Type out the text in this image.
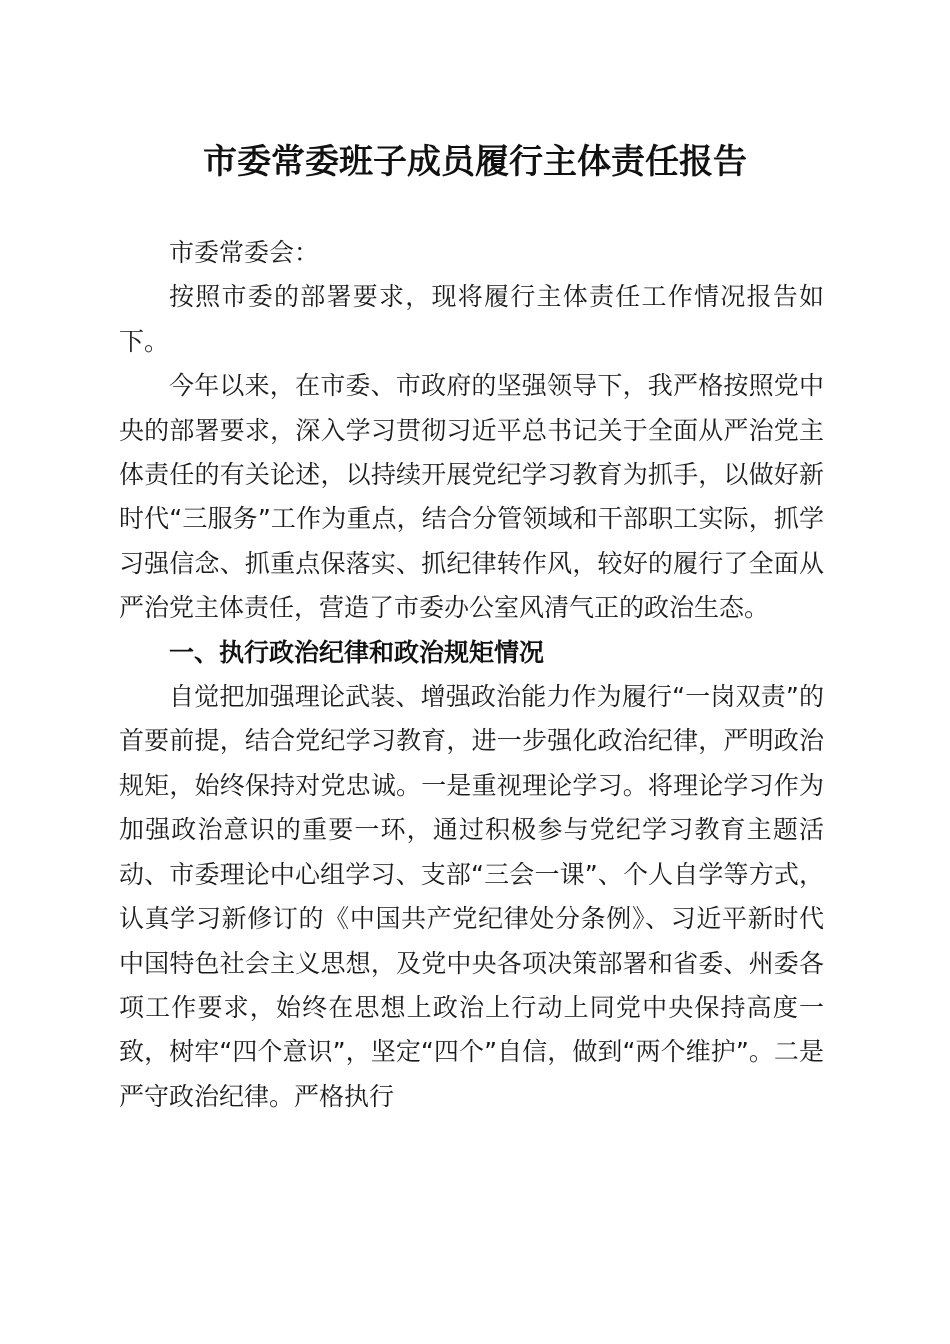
市委常委班子成员履行主体责任报告

市委常委会：

按照市委的部署要求，现将履行主体责任工作情况报告如下。

今年以来，在市委、市政府的坚强领导下，我严格按照党中央的部署要求，深入学习贯彻习近平总书记关于全面从严治党主体责任的有关论述，以持续开展党纪学习教育为抓手，以做好新时代“三服务”工作为重点，结合分管领域和干部职工实际，抓学习强信念、抓重点保落实、抓纪律转作风，较好的履行了全面从严治党主体责任，营造了市委办公室风清气正的政治生态。

一、执行政治纪律和政治规矩情况

自觉把加强理论武装、增强政治能力作为履行“一岗双责”的首要前提，结合党纪学习教育，进一步强化政治纪律，严明政治规矩，始终保持对党忠诚。一是重视理论学习。将理论学习作为加强政治意识的重要一环，通过积极参与党纪学习教育主题活动、市委理论中心组学习、支部“三会一课”、个人自学等方式，认真学习新修订的《中国共产党纪律处分条例》、习近平新时代中国特色社会主义思想，及党中央各项决策部署和省委、州委各项工作要求，始终在思想上政治上行动上同党中央保持高度一致，树牢“四个意识”，坚定“四个”自信，做到“两个维护”。二是严守政治纪律。严格执行
